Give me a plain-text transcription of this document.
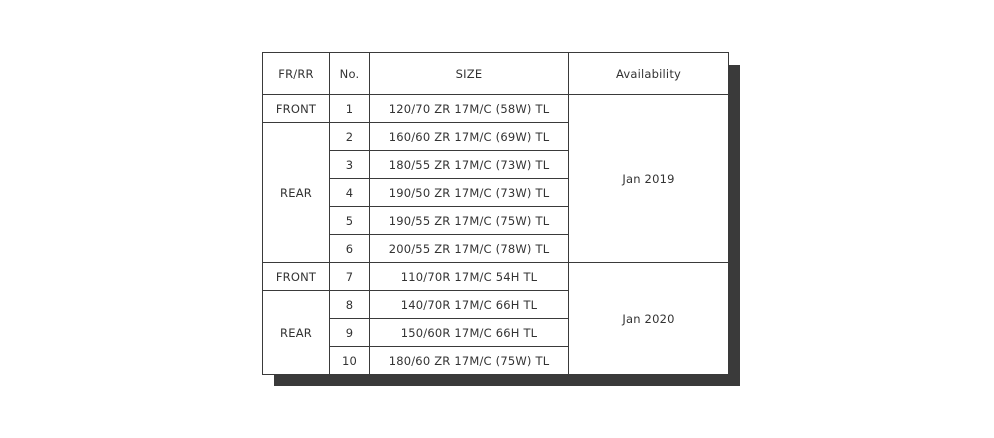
FR/RR	No.	SIZE	Availability
FRONT	1	120/70 ZR 17M/C (58W) TL	Jan 2019
REAR	2	160/60 ZR 17M/C (69W) TL	
	3	180/55 ZR 17M/C (73W) TL	
	4	190/50 ZR 17M/C (73W) TL	
	5	190/55 ZR 17M/C (75W) TL	
	6	200/55 ZR 17M/C (78W) TL	
FRONT	7	110/70R 17M/C 54H TL	Jan 2020
REAR	8	140/70R 17M/C 66H TL	
	9	150/60R 17M/C 66H TL	
	10	180/60 ZR 17M/C (75W) TL	
